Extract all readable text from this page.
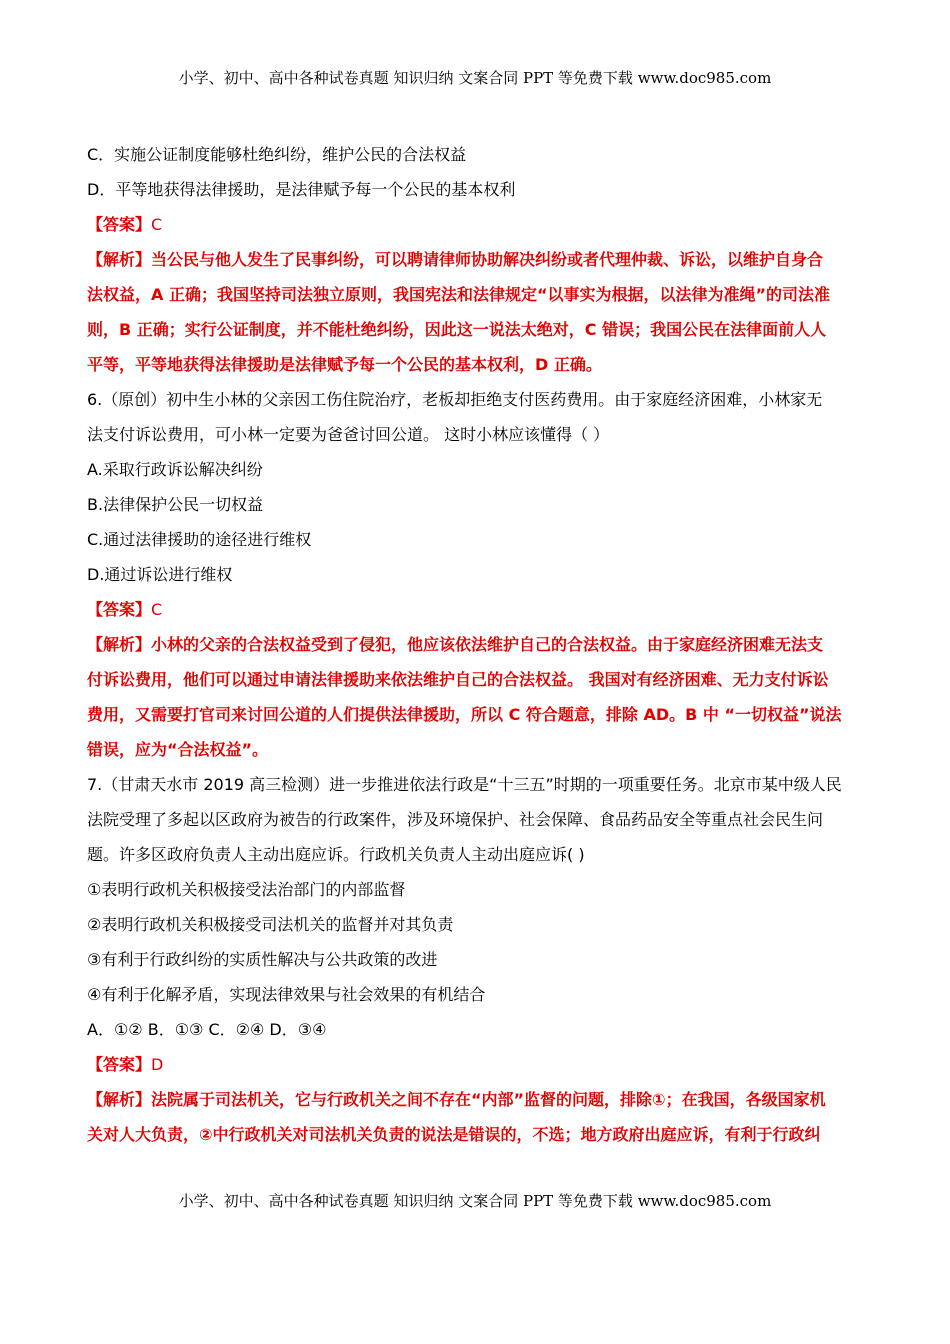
小学、初中、高中各种试卷真题 知识归纳 文案合同 PPT 等免费下载 www.doc985.com
C．实施公证制度能够杜绝纠纷，维护公民的合法权益
D．平等地获得法律援助，是法律赋予每一个公民的基本权利
【答案】C
【解析】当公民与他人发生了民事纠纷，可以聘请律师协助解决纠纷或者代理仲裁、诉讼，以维护自身合
法权益，A 正确；我国坚持司法独立原则，我国宪法和法律规定“以事实为根据，以法律为准绳”的司法准
则，B 正确；实行公证制度，并不能杜绝纠纷，因此这一说法太绝对，C 错误；我国公民在法律面前人人
平等，平等地获得法律援助是法律赋予每一个公民的基本权利，D 正确。
6.（原创）初中生小林的父亲因工伤住院治疗，老板却拒绝支付医药费用。由于家庭经济困难，小林家无
法支付诉讼费用，可小林一定要为爸爸讨回公道。 这时小林应该懂得（ ）
A.采取行政诉讼解决纠纷
B.法律保护公民一切权益
C.通过法律援助的途径进行维权
D.通过诉讼进行维权
【答案】C
【解析】小林的父亲的合法权益受到了侵犯，他应该依法维护自己的合法权益。由于家庭经济困难无法支
付诉讼费用，他们可以通过申请法律援助来依法维护自己的合法权益。 我国对有经济困难、无力支付诉讼
费用，又需要打官司来讨回公道的人们提供法律援助，所以 C 符合题意，排除 AD。B 中 “一切权益”说法
错误，应为“合法权益”。
7.（甘肃天水市 2019 高三检测）进一步推进依法行政是“十三五”时期的一项重要任务。北京市某中级人民
法院受理了多起以区政府为被告的行政案件，涉及环境保护、社会保障、食品药品安全等重点社会民生问
题。许多区政府负责人主动出庭应诉。行政机关负责人主动出庭应诉( )
①表明行政机关积极接受法治部门的内部监督
②表明行政机关积极接受司法机关的监督并对其负责
③有利于行政纠纷的实质性解决与公共政策的改进
④有利于化解矛盾，实现法律效果与社会效果的有机结合
A．①② B．①③ C．②④ D．③④
【答案】D
【解析】法院属于司法机关，它与行政机关之间不存在“内部”监督的问题，排除①；在我国，各级国家机
关对人大负责，②中行政机关对司法机关负责的说法是错误的，不选；地方政府出庭应诉，有利于行政纠
小学、初中、高中各种试卷真题 知识归纳 文案合同 PPT 等免费下载 www.doc985.com
